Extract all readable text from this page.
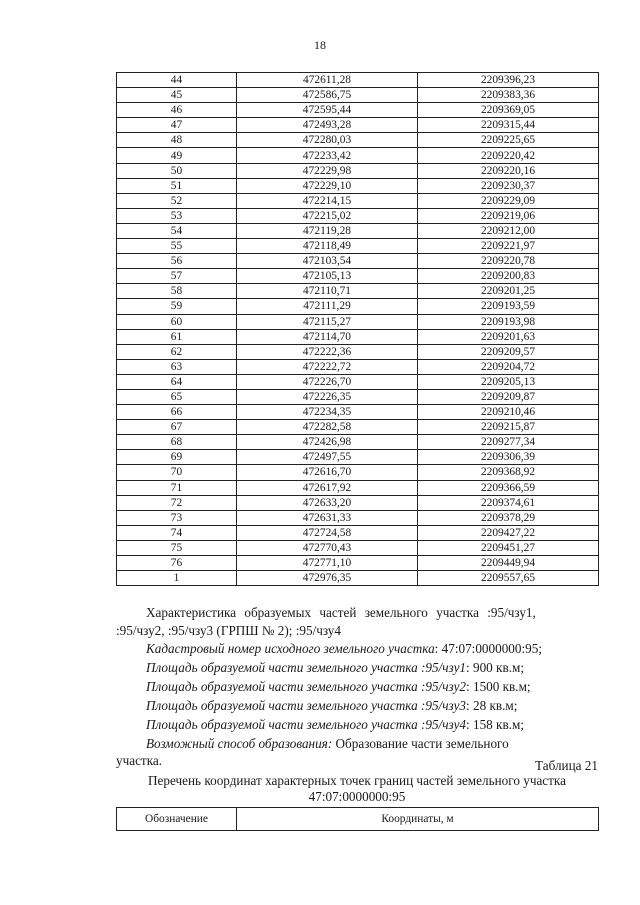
18
44	472611,28	2209396,23
45	472586,75	2209383,36
46	472595,44	2209369,05
47	472493,28	2209315,44
48	472280,03	2209225,65
49	472233,42	2209220,42
50	472229,98	2209220,16
51	472229,10	2209230,37
52	472214,15	2209229,09
53	472215,02	2209219,06
54	472119,28	2209212,00
55	472118,49	2209221,97
56	472103,54	2209220,78
57	472105,13	2209200,83
58	472110,71	2209201,25
59	472111,29	2209193,59
60	472115,27	2209193,98
61	472114,70	2209201,63
62	472222,36	2209209,57
63	472222,72	2209204,72
64	472226,70	2209205,13
65	472226,35	2209209,87
66	472234,35	2209210,46
67	472282,58	2209215,87
68	472426,98	2209277,34
69	472497,55	2209306,39
70	472616,70	2209368,92
71	472617,92	2209366,59
72	472633,20	2209374,61
73	472631,33	2209378,29
74	472724,58	2209427,22
75	472770,43	2209451,27
76	472771,10	2209449,94
1	472976,35	2209557,65
Характеристика образуемых частей земельного участка :95/чзу1,
:95/чзу2, :95/чзу3 (ГРПШ № 2); :95/чзу4
Кадастровый номер исходного земельного участка: 47:07:0000000:95;
Площадь образуемой части земельного участка :95/чзу1: 900 кв.м;
Площадь образуемой части земельного участка :95/чзу2: 1500 кв.м;
Площадь образуемой части земельного участка :95/чзу3: 28 кв.м;
Площадь образуемой части земельного участка :95/чзу4: 158 кв.м;
Возможный способ образования: Образование части земельного
участка.	Таблица 21
Перечень координат характерных точек границ частей земельного участка
47:07:0000000:95
Обозначение	Координаты, м
